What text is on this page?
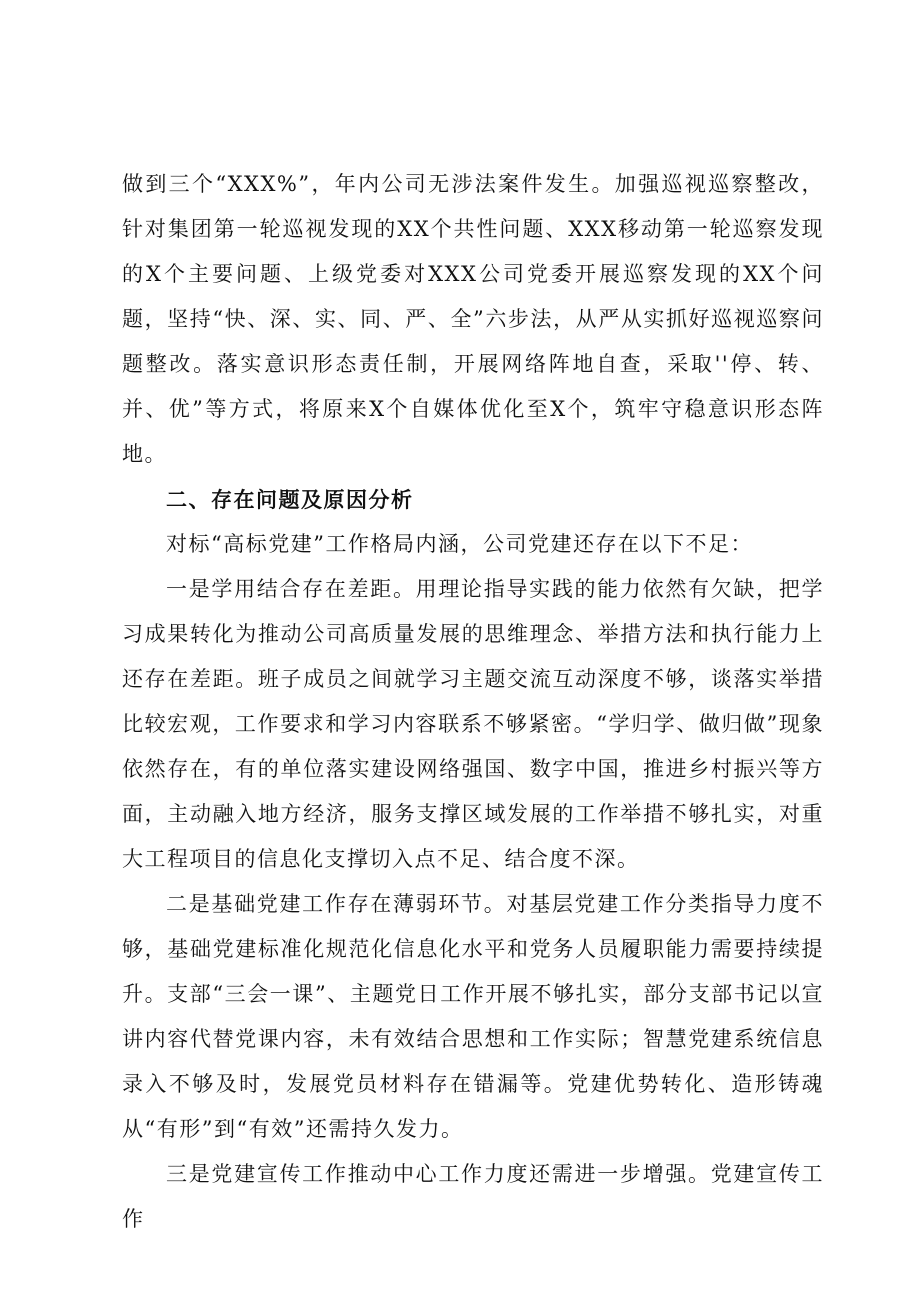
做到三个“XXX%”，年内公司无涉法案件发生。加强巡视巡察整改，针对集团第一轮巡视发现的XX个共性问题、XXX移动第一轮巡察发现的X个主要问题、上级党委对XXX公司党委开展巡察发现的XX个问题，坚持“快、深、实、同、严、全”六步法，从严从实抓好巡视巡察问题整改。落实意识形态责任制，开展网络阵地自查，采取''停、转、并、优”等方式，将原来X个自媒体优化至X个，筑牢守稳意识形态阵地。

二、存在问题及原因分析

对标“高标党建”工作格局内涵，公司党建还存在以下不足：

一是学用结合存在差距。用理论指导实践的能力依然有欠缺，把学习成果转化为推动公司高质量发展的思维理念、举措方法和执行能力上还存在差距。班子成员之间就学习主题交流互动深度不够，谈落实举措比较宏观，工作要求和学习内容联系不够紧密。“学归学、做归做”现象依然存在，有的单位落实建设网络强国、数字中国，推进乡村振兴等方面，主动融入地方经济，服务支撑区域发展的工作举措不够扎实，对重大工程项目的信息化支撑切入点不足、结合度不深。

二是基础党建工作存在薄弱环节。对基层党建工作分类指导力度不够，基础党建标准化规范化信息化水平和党务人员履职能力需要持续提升。支部“三会一课”、主题党日工作开展不够扎实，部分支部书记以宣讲内容代替党课内容，未有效结合思想和工作实际；智慧党建系统信息录入不够及时，发展党员材料存在错漏等。党建优势转化、造形铸魂从“有形”到“有效”还需持久发力。

三是党建宣传工作推动中心工作力度还需进一步增强。党建宣传工作
